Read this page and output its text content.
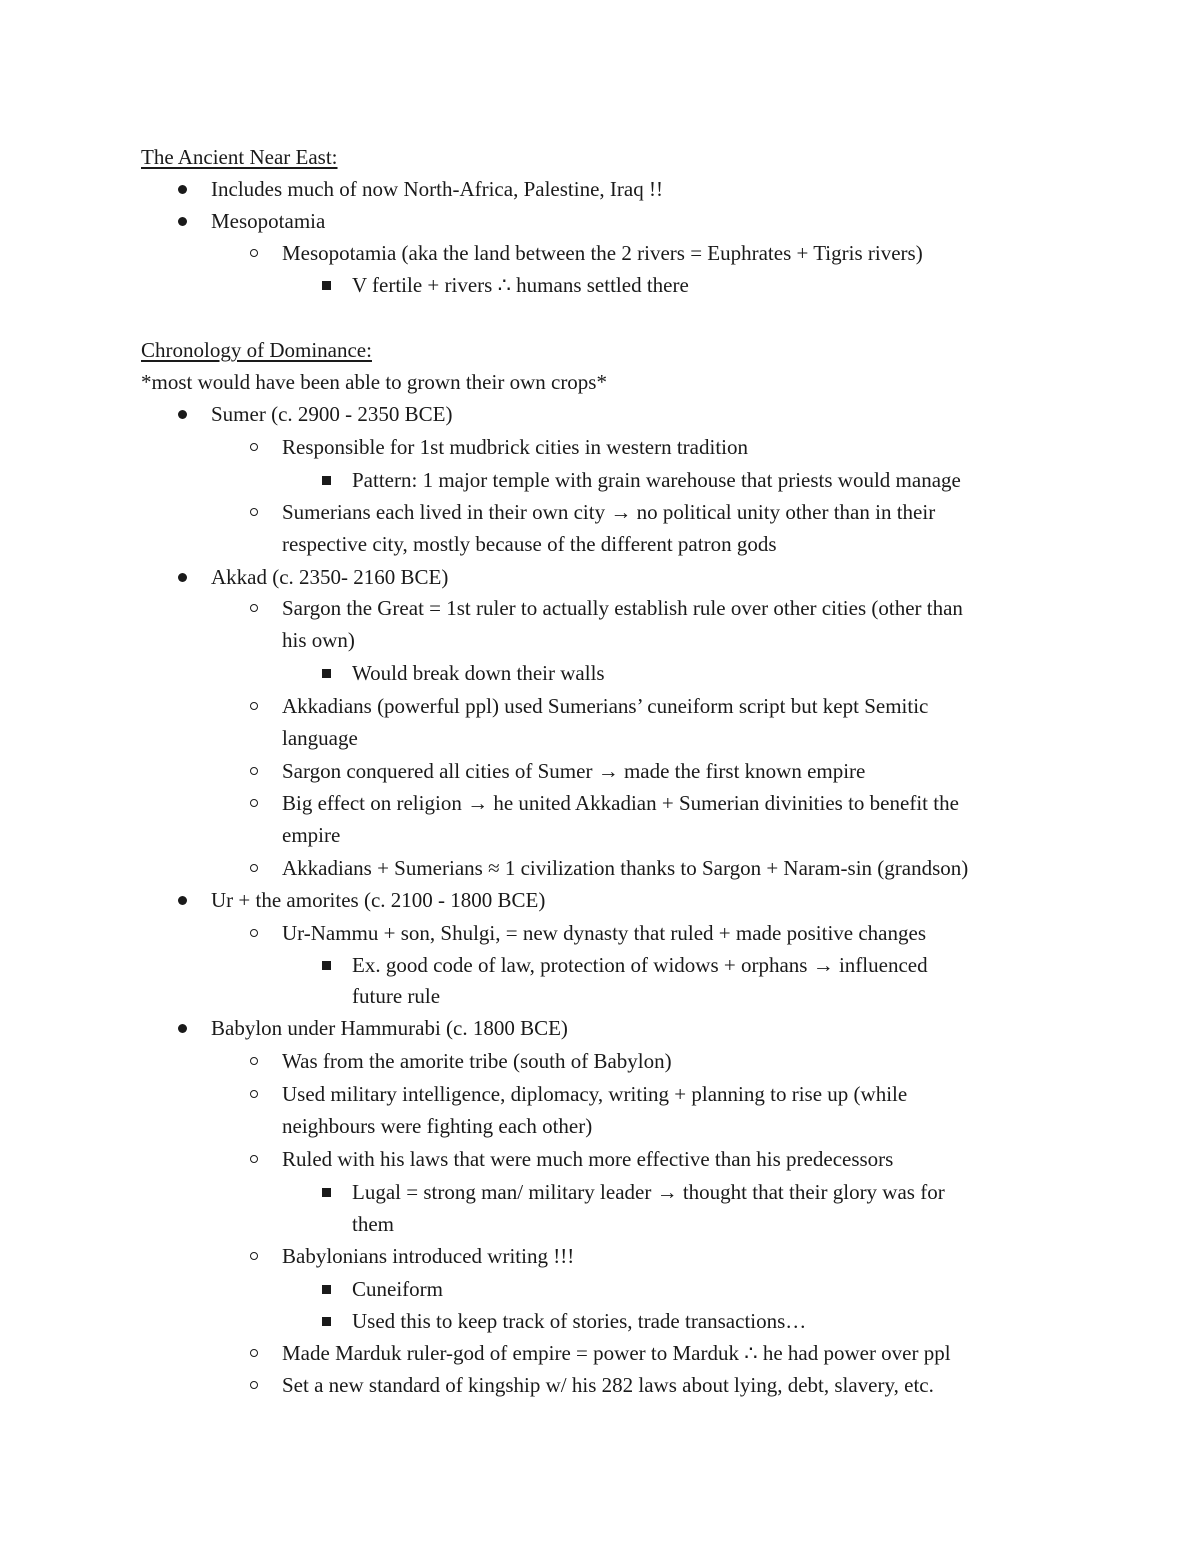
The Ancient Near East:
Includes much of now North-Africa, Palestine, Iraq !!
Mesopotamia
Mesopotamia (aka the land between the 2 rivers = Euphrates + Tigris rivers)
V fertile + rivers ∴ humans settled there
Chronology of Dominance:
*most would have been able to grown their own crops*
Sumer (c. 2900 - 2350 BCE)
Responsible for 1st mudbrick cities in western tradition
Pattern: 1 major temple with grain warehouse that priests would manage
Sumerians each lived in their own city → no political unity other than in their
respective city, mostly because of the different patron gods
Akkad (c. 2350- 2160 BCE)
Sargon the Great = 1st ruler to actually establish rule over other cities (other than
his own)
Would break down their walls
Akkadians (powerful ppl) used Sumerians’ cuneiform script but kept Semitic
language
Sargon conquered all cities of Sumer → made the first known empire
Big effect on religion → he united Akkadian + Sumerian divinities to benefit the
empire
Akkadians + Sumerians ≈ 1 civilization thanks to Sargon + Naram-sin (grandson)
Ur + the amorites (c. 2100 - 1800 BCE)
Ur-Nammu + son, Shulgi, = new dynasty that ruled + made positive changes
Ex. good code of law, protection of widows + orphans → influenced
future rule
Babylon under Hammurabi (c. 1800 BCE)
Was from the amorite tribe (south of Babylon)
Used military intelligence, diplomacy, writing + planning to rise up (while
neighbours were fighting each other)
Ruled with his laws that were much more effective than his predecessors
Lugal = strong man/ military leader → thought that their glory was for
them
Babylonians introduced writing !!!
Cuneiform
Used this to keep track of stories, trade transactions…
Made Marduk ruler-god of empire = power to Marduk ∴ he had power over ppl
Set a new standard of kingship w/ his 282 laws about lying, debt, slavery, etc.
